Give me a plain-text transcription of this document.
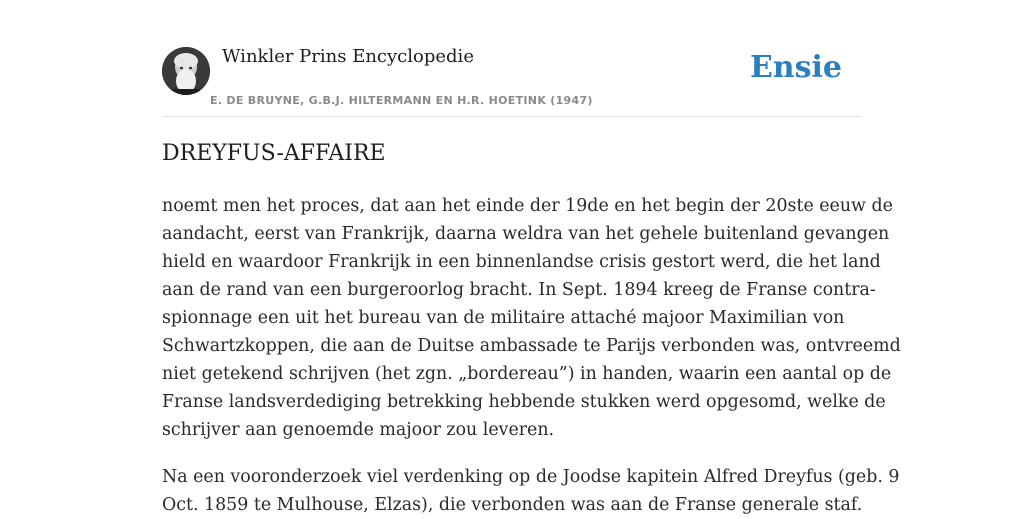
Winkler Prins Encyclopedie
E. DE BRUYNE, G.B.J. HILTERMANN EN H.R. HOETINK (1947)
Ensie
DREYFUS-AFFAIRE

noemt men het proces, dat aan het einde der 19de en het begin der 20ste eeuw de
aandacht, eerst van Frankrijk, daarna weldra van het gehele buitenland gevangen
hield en waardoor Frankrijk in een binnenlandse crisis gestort werd, die het land
aan de rand van een burgeroorlog bracht. In Sept. 1894 kreeg de Franse contra-
spionnage een uit het bureau van de militaire attaché majoor Maximilian von
Schwartzkoppen, die aan de Duitse ambassade te Parijs verbonden was, ontvreemd
niet getekend schrijven (het zgn. „bordereau”) in handen, waarin een aantal op de
Franse landsverdediging betrekking hebbende stukken werd opgesomd, welke de
schrijver aan genoemde majoor zou leveren.

Na een vooronderzoek viel verdenking op de Joodse kapitein Alfred Dreyfus (geb. 9
Oct. 1859 te Mulhouse, Elzas), die verbonden was aan de Franse generale staf.
